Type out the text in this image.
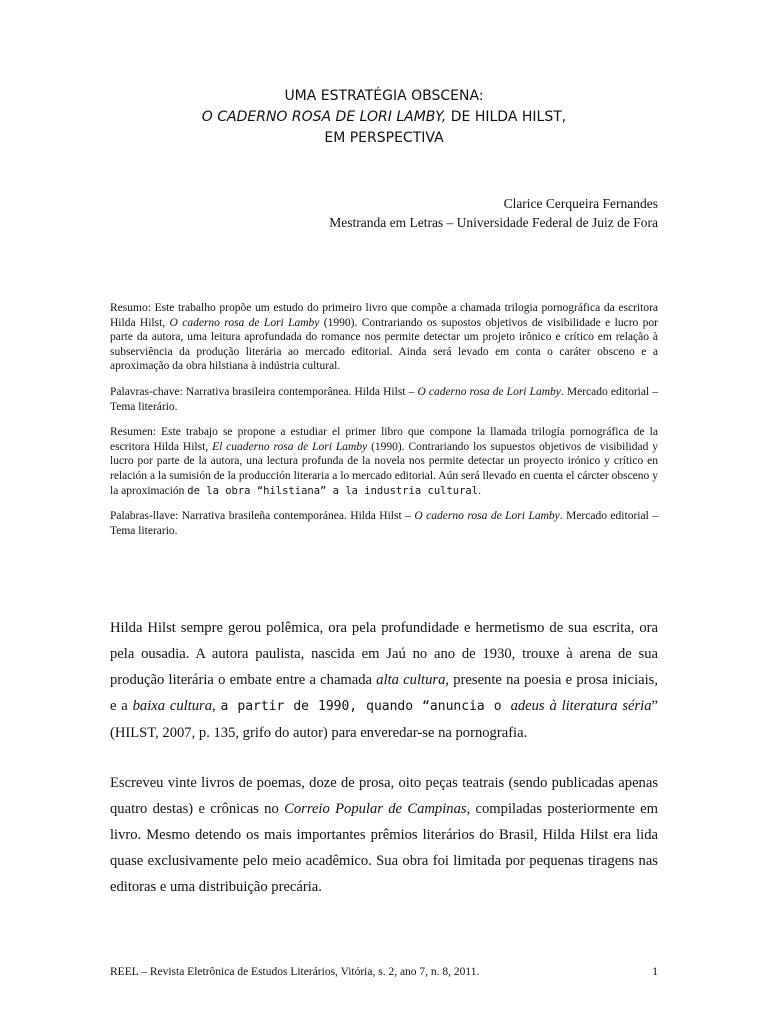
UMA ESTRATÉGIA OBSCENA:
O CADERNO ROSA DE LORI LAMBY, DE HILDA HILST,
EM PERSPECTIVA
Clarice Cerqueira Fernandes
Mestranda em Letras – Universidade Federal de Juiz de Fora

Resumo: Este trabalho propõe um estudo do primeiro livro que compõe a chamada trilogia pornográfica da escritora Hilda Hilst, O caderno rosa de Lori Lamby (1990). Contrariando os supostos objetivos de visibilidade e lucro por parte da autora, uma leitura aprofundada do romance nos permite detectar um projeto irônico e crítico em relação à subserviência da produção literária ao mercado editorial. Ainda será levado em conta o caráter obsceno e a aproximação da obra hilstiana à indústria cultural.

Palavras-chave: Narrativa brasileira contemporânea. Hilda Hilst – O caderno rosa de Lori Lamby. Mercado editorial – Tema literário.

Resumen: Este trabajo se propone a estudiar el primer libro que compone la llamada trilogía pornográfica de la escritora Hilda Hilst, El cuaderno rosa de Lori Lamby (1990). Contrariando los supuestos objetivos de visibilidad y lucro por parte de la autora, una lectura profunda de la novela nos permite detectar un proyecto irónico y crítico en relación a la sumisión de la producción literaria a lo mercado editorial. Aún será llevado en cuenta el cárcter obsceno y la aproximación de la obra “hilstiana” a la industria cultural.

Palabras-llave: Narrativa brasileña contemporánea. Hilda Hilst – O caderno rosa de Lori Lamby. Mercado editorial – Tema literario.

Hilda Hilst sempre gerou polêmica, ora pela profundidade e hermetismo de sua escrita, ora pela ousadia. A autora paulista, nascida em Jaú no ano de 1930, trouxe à arena de sua produção literária o embate entre a chamada alta cultura, presente na poesia e prosa iniciais, e a baixa cultura, a partir de 1990, quando “anuncia o adeus à literatura séria” (HILST, 2007, p. 135, grifo do autor) para enveredar-se na pornografia.

Escreveu vinte livros de poemas, doze de prosa, oito peças teatrais (sendo publicadas apenas quatro destas) e crônicas no Correio Popular de Campinas, compiladas posteriormente em livro. Mesmo detendo os mais importantes prêmios literários do Brasil, Hilda Hilst era lida quase exclusivamente pelo meio acadêmico. Sua obra foi limitada por pequenas tiragens nas editoras e uma distribuição precária.

REEL – Revista Eletrônica de Estudos Literários, Vitória, s. 2, ano 7, n. 8, 2011.	1
